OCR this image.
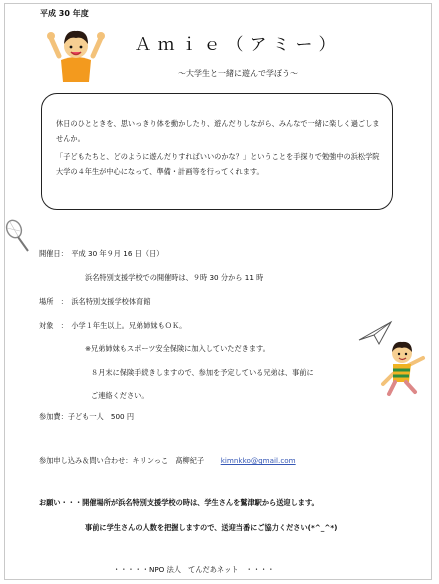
平成 30 年度
Ａｍｉｅ（アミー）
～大学生と一緒に遊んで学ぼう～

休日のひとときを、思いっきり体を動かしたり、遊んだりしながら、みんなで一緒に楽しく過ごしませんか。

「子どもたちと、どのように遊んだりすればいいのかな？」ということを手探りで勉強中の浜松学院大学の４年生が中心になって、準備・計画等を行ってくれます。

開催日：　平成 30 年９月 16 日（日）
浜名特別支援学校での開催時は、９時 30 分から 11 時
場所　：　浜名特別支援学校体育館
対象　：　小学１年生以上。兄弟姉妹もＯＫ。
※兄弟姉妹もスポーツ安全保険に加入していただきます。
８月末に保険手続きしますので、参加を予定している兄弟は、事前に
ご連絡ください。
参加費：子ども一人　500 円
参加申し込み＆問い合わせ：キリンっこ　髙柳紀子 kimnkko@gmail.com
お願い・・・開催場所が浜名特別支援学校の時は、学生さんを鷲津駅から送迎します。
事前に学生さんの人数を把握しますので、送迎当番にご協力ください(*^_^*)
・・・・・NPO 法人　てんだあネット　・・・・
